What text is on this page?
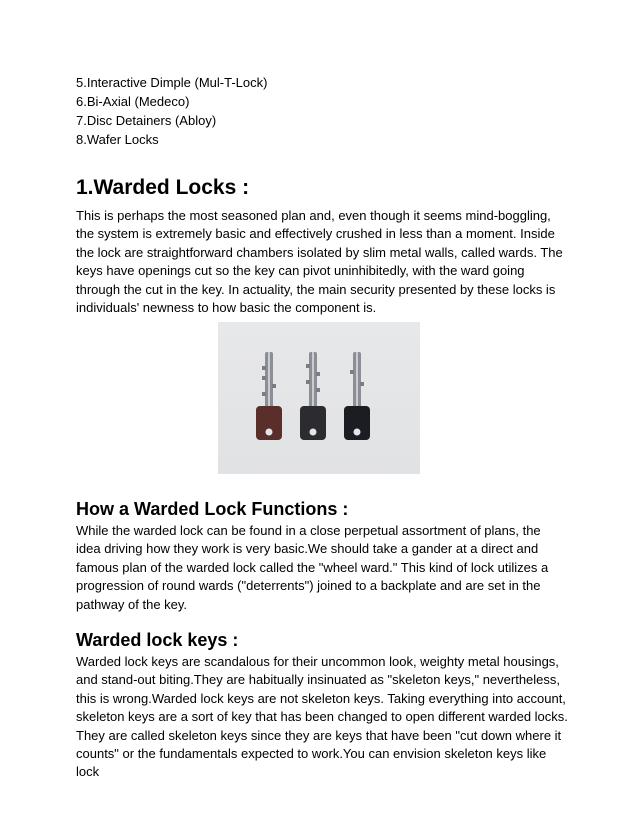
5.Interactive Dimple (Mul-T-Lock)
6.Bi-Axial (Medeco)
7.Disc Detainers (Abloy)
8.Wafer Locks
1.Warded Locks :

This is perhaps the most seasoned plan and, even though it seems mind-boggling, the system is extremely basic and effectively crushed in less than a moment. Inside the lock are straightforward chambers isolated by slim metal walls, called wards. The keys have openings cut so the key can pivot uninhibitedly, with the ward going through the cut in the key. In actuality, the main security presented by these locks is individuals' newness to how basic the component is.

How a Warded Lock Functions :

While the warded lock can be found in a close perpetual assortment of plans, the idea driving how they work is very basic.We should take a gander at a direct and famous plan of the warded lock called the "wheel ward." This kind of lock utilizes a progression of round wards ("deterrents") joined to a backplate and are set in the pathway of the key.

Warded lock keys :

Warded lock keys are scandalous for their uncommon look, weighty metal housings, and stand-out biting.They are habitually insinuated as "skeleton keys," nevertheless, this is wrong.Warded lock keys are not skeleton keys. Taking everything into account, skeleton keys are a sort of key that has been changed to open different warded locks. They are called skeleton keys since they are keys that have been "cut down where it counts" or the fundamentals expected to work.You can envision skeleton keys like lock
